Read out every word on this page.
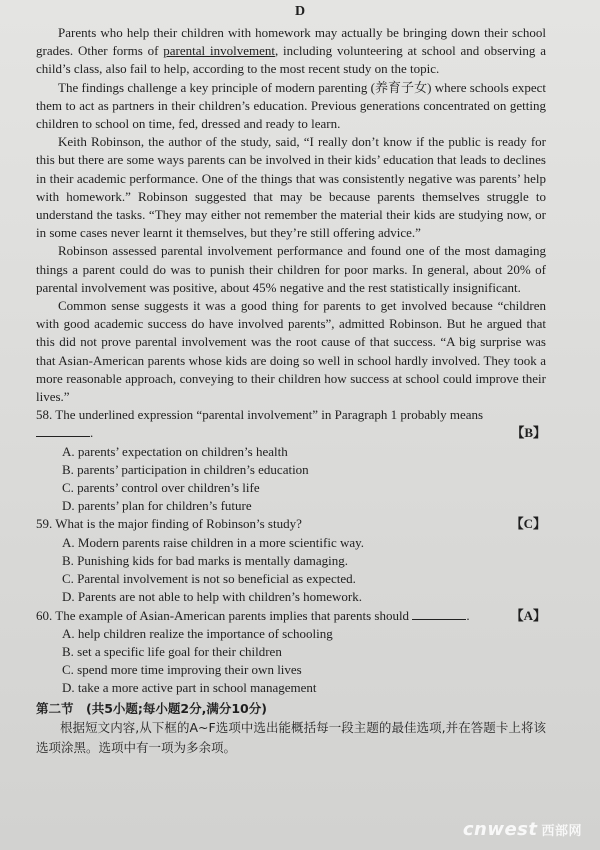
D

Parents who help their children with homework may actually be bringing down their school grades. Other forms of parental involvement, including volunteering at school and observing a child’s class, also fail to help, according to the most recent study on the topic.

The findings challenge a key principle of modern parenting (养育子女) where schools expect them to act as partners in their children’s education. Previous generations concentrated on getting children to school on time, fed, dressed and ready to learn.

Keith Robinson, the author of the study, said, “I really don’t know if the public is ready for this but there are some ways parents can be involved in their kids’ education that leads to declines in their academic performance. One of the things that was consistently negative was parents’ help with homework.” Robinson suggested that may be because parents themselves struggle to understand the tasks. “They may either not remember the material their kids are studying now, or in some cases never learnt it themselves, but they’re still offering advice.”

Robinson assessed parental involvement performance and found one of the most damaging things a parent could do was to punish their children for poor marks. In general, about 20% of parental involvement was positive, about 45% negative and the rest statistically insignificant.

Common sense suggests it was a good thing for parents to get involved because “children with good academic success do have involved parents”, admitted Robinson. But he argued that this did not prove parental involvement was the root cause of that success. “A big surprise was that Asian-American parents whose kids are doing so well in school hardly involved. They took a more reasonable approach, conveying to their children how success at school could improve their lives.”

58. The underlined expression “parental involvement” in Paragraph 1 probably means .	【B】

A. parents’ expectation on children’s health

B. parents’ participation in children’s education

C. parents’ control over children’s life

D. parents’ plan for children’s future

59. What is the major finding of Robinson’s study?	【C】

A. Modern parents raise children in a more scientific way.

B. Punishing kids for bad marks is mentally damaging.

C. Parental involvement is not so beneficial as expected.

D. Parents are not able to help with children’s homework.

60. The example of Asian-American parents implies that parents should	.	【A】

A. help children realize the importance of schooling

B. set a specific life goal for their children

C. spend more time improving their own lives

D. take a more active part in school management

第二节　(共5小题;每小题2分,满分10分)

根据短文内容,从下框的A~F选项中选出能概括每一段主题的最佳选项,并在答题卡上将该选项涂黑。选项中有一项为多余项。

cnwest 西部网
